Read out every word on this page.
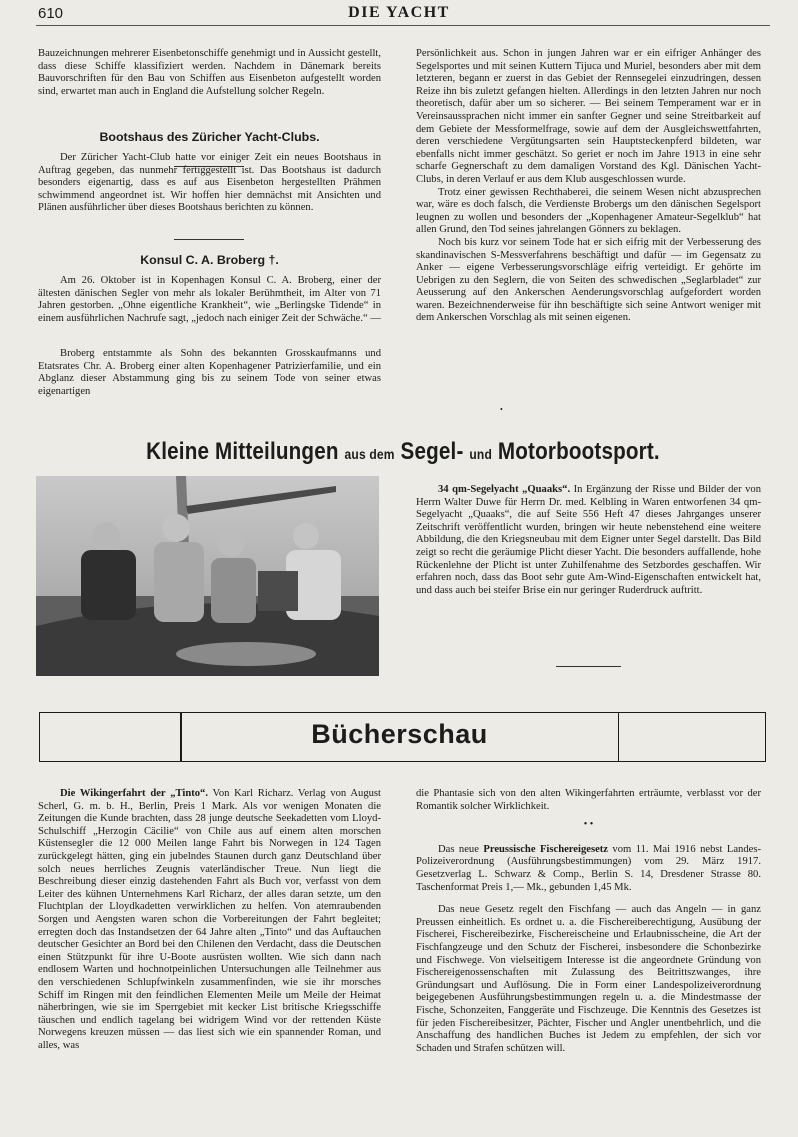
610	DIE YACHT

Bauzeichnungen mehrerer Eisenbetonschiffe genehmigt und in Aussicht gestellt, dass diese Schiffe klassifiziert werden. Nachdem in Dänemark bereits Bauvorschriften für den Bau von Schiffen aus Eisenbeton aufgestellt worden sind, erwartet man auch in England die Aufstellung solcher Regeln.

Bootshaus des Züricher Yacht-Clubs.

Der Züricher Yacht-Club hatte vor einiger Zeit ein neues Bootshaus in Auftrag gegeben, das nunmehr fertiggestellt ist. Das Bootshaus ist dadurch besonders eigenartig, dass es auf aus Eisenbeton hergestellten Prähmen schwimmend angeordnet ist. Wir hoffen hier demnächst mit Ansichten und Plänen ausführlicher über dieses Bootshaus berichten zu können.

Konsul C. A. Broberg †.

Am 26. Oktober ist in Kopenhagen Konsul C. A. Broberg, einer der ältesten dänischen Segler von mehr als lokaler Berühmtheit, im Alter von 71 Jahren gestorben. „Ohne eigentliche Krankheit“, wie „Berlingske Tidende“ in einem ausführlichen Nachrufe sagt, „jedoch nach einiger Zeit der Schwäche.“ —

Broberg entstammte als Sohn des bekannten Grosskaufmanns und Etatsrates Chr. A. Broberg einer alten Kopenhagener Patrizierfamilie, und ein Abglanz dieser Abstammung ging bis zu seinem Tode von seiner etwas eigenartigen

Persönlichkeit aus. Schon in jungen Jahren war er ein eifriger Anhänger des Segelsportes und mit seinen Kuttern Tijuca und Muriel, besonders aber mit dem letzteren, begann er zuerst in das Gebiet der Rennsegelei einzudringen, dessen Reize ihn bis zuletzt gefangen hielten. Allerdings in den letzten Jahren nur noch theoretisch, dafür aber um so sicherer. — Bei seinem Temperament war er in Vereinsaussprachen nicht immer ein sanfter Gegner und seine Streitbarkeit auf dem Gebiete der Messformelfrage, sowie auf dem der Ausgleichswettfahrten, deren verschiedene Vergütungsarten sein Hauptsteckenpferd bildeten, war ebenfalls nicht immer geschätzt. So geriet er noch im Jahre 1913 in eine sehr scharfe Gegnerschaft zu dem damaligen Vorstand des Kgl. Dänischen Yacht-Clubs, in deren Verlauf er aus dem Klub ausgeschlossen wurde.

Trotz einer gewissen Rechthaberei, die seinem Wesen nicht abzusprechen war, wäre es doch falsch, die Verdienste Brobergs um den dänischen Segelsport leugnen zu wollen und besonders der „Kopenhagener Amateur-Segelklub“ hat allen Grund, den Tod seines jahrelangen Gönners zu beklagen.

Noch bis kurz vor seinem Tode hat er sich eifrig mit der Verbesserung des skandinavischen S-Messverfahrens beschäftigt und dafür — im Gegensatz zu Anker — eigene Verbesserungsvorschläge eifrig verteidigt. Er gehörte im Uebrigen zu den Seglern, die von Seiten des schwedischen „Seglarbladet“ zur Aeusserung auf den Ankerschen Aenderungsvorschlag aufgefordert worden waren. Bezeichnenderweise für ihn beschäftigte sich seine Antwort weniger mit dem Ankerschen Vorschlag als mit seinen eigenen.

•
Kleine Mitteilungen aus dem Segel- und Motorbootsport.

34 qm-Segelyacht „Quaaks“. In Ergänzung der Risse und Bilder der von Herrn Walter Duwe für Herrn Dr. med. Kelbling in Waren entworfenen 34 qm-Segelyacht „Quaaks“, die auf Seite 556 Heft 47 dieses Jahrganges unserer Zeitschrift veröffentlicht wurden, bringen wir heute nebenstehend eine weitere Abbildung, die den Kriegsneubau mit dem Eigner unter Segel darstellt. Das Bild zeigt so recht die geräumige Plicht dieser Yacht. Die besonders auffallende, hohe Rückenlehne der Plicht ist unter Zuhilfenahme des Setzbordes geschaffen. Wir erfahren noch, dass das Boot sehr gute Am-Wind-Eigenschaften entwickelt hat, und dass auch bei steifer Brise ein nur geringer Ruderdruck auftritt.

Bücherschau

Die Wikingerfahrt der „Tinto“. Von Karl Richarz. Verlag von August Scherl, G. m. b. H., Berlin, Preis 1 Mark. Als vor wenigen Monaten die Zeitungen die Kunde brachten, dass 28 junge deutsche Seekadetten vom Lloyd-Schulschiff „Herzogin Cäcilie“ von Chile aus auf einem alten morschen Küstensegler die 12 000 Meilen lange Fahrt bis Norwegen in 124 Tagen zurückgelegt hätten, ging ein jubelndes Staunen durch ganz Deutschland über solch neues herrliches Zeugnis vaterländischer Treue. Nun liegt die Beschreibung dieser einzig dastehenden Fahrt als Buch vor, verfasst von dem Leiter des kühnen Unternehmens Karl Richarz, der alles daran setzte, um den Fluchtplan der Lloydkadetten verwirklichen zu helfen. Von atemraubenden Sorgen und Aengsten waren schon die Vorbereitungen der Fahrt begleitet; erregten doch das Instandsetzen der 64 Jahre alten „Tinto“ und das Auftauchen deutscher Gesichter an Bord bei den Chilenen den Verdacht, dass die Deutschen einen Stützpunkt für ihre U-Boote ausrüsten wollten. Wie sich dann nach endlosem Warten und hochnotpeinlichen Untersuchungen alle Teilnehmer aus den verschiedenen Schlupfwinkeln zusammenfinden, wie sie ihr morsches Schiff im Ringen mit den feindlichen Elementen Meile um Meile der Heimat näherbringen, wie sie im Sperrgebiet mit kecker List britische Kriegsschiffe täuschen und endlich tagelang bei widrigem Wind vor der rettenden Küste Norwegens kreuzen müssen — das liest sich wie ein spannender Roman, und alles, was

die Phantasie sich von den alten Wikingerfahrten erträumte, verblasst vor der Romantik solcher Wirklichkeit.

• •

Das neue Preussische Fischereigesetz vom 11. Mai 1916 nebst Landes-Polizeiverordnung (Ausführungsbestimmungen) vom 29. März 1917. Gesetzverlag L. Schwarz & Comp., Berlin S. 14, Dresdener Strasse 80. Taschenformat Preis 1,— Mk., gebunden 1,45 Mk.

Das neue Gesetz regelt den Fischfang — auch das Angeln — in ganz Preussen einheitlich. Es ordnet u. a. die Fischereiberechtigung, Ausübung der Fischerei, Fischereibezirke, Fischereischeine und Erlaubnisscheine, die Art der Fischfangzeuge und den Schutz der Fischerei, insbesondere die Schonbezirke und Fischwege. Von vielseitigem Interesse ist die angeordnete Gründung von Fischereigenossenschaften mit Zulassung des Beitrittszwanges, ihre Gründungsart und Auflösung. Die in Form einer Landespolizeiverordnung beigegebenen Ausführungsbestimmungen regeln u. a. die Mindestmasse der Fische, Schonzeiten, Fanggeräte und Fischzeuge. Die Kenntnis des Gesetzes ist für jeden Fischereibesitzer, Pächter, Fischer und Angler unentbehrlich, und die Anschaffung des handlichen Buches ist Jedem zu empfehlen, der sich vor Schaden und Strafen schützen will.
